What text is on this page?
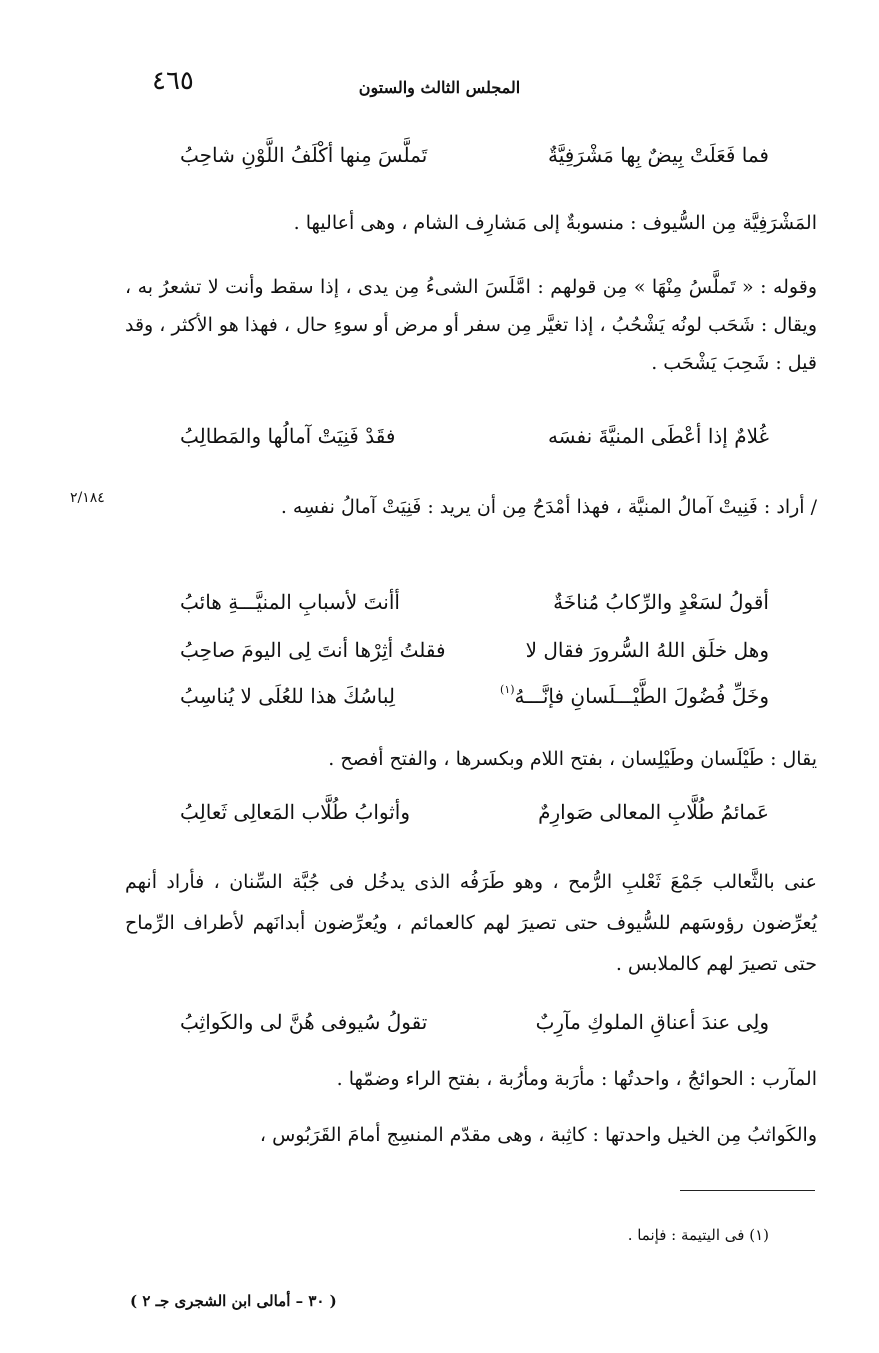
٤٦٥	المجلس الثالث والستون
فما فَعَلَتْ بِيضٌ بِها مَشْرَفِيَّةٌ
تَملَّسَ مِنها أكْلَفُ اللَّوْنِ شاحِبُ
المَشْرَفِيَّة مِن السُّيوف : منسوبةٌ إلى مَشارِف الشام ، وهى أعاليها .
وقوله : « تَملَّسُ مِنْهَا » مِن قولهم : امَّلَسَ الشىءُ مِن يدى ، إذا سقط وأنت لا تشعرُ به ، ويقال : شَحَب لونُه يَشْحُبُ ، إذا تغيَّر مِن سفر أو مرض أو سوءِ حال ، فهذا هو الأكثر ، وقد قيل : شَحِبَ يَشْحَب .
غُلامٌ إذا أعْطَى المنيَّةَ نفسَه
فقَدْ فَنِيَتْ آمالُها والمَطالِبُ
/ أراد : فَنِيتْ آمالُ المنيَّة ، فهذا أمْدَحُ مِن أن يريد : فَنِيَتْ آمالُ نفسِه .
٢/١٨٤
أقولُ لسَعْدٍ والرِّكابُ مُناخَةٌ
أأنتَ لأسبابِ المنيَّـــةِ هائبُ
وهل خلَق اللهُ السُّرورَ فقال لا
فقلتُ أثِرْها أنتَ لِى اليومَ صاحِبُ
وخَلِّ فُضُولَ الطَّيْـــلَسانِ فإنَّـــهُ$^{(١)}$
لِباسُكَ هذا للعُلَى لا يُناسِبُ
يقال : طَيْلَسان وطَيْلِسان ، بفتح اللام وبكسرها ، والفتح أفصح .
عَمائمُ طُلَّابِ المعالى صَوارِمٌ
وأثوابُ طُلَّاب المَعالِى ثَعالِبُ
عنى بالثَّعالب جَمْعَ ثَعْلبِ الرُّمح ، وهو طَرَفُه الذى يدخُل فى جُبَّة السِّنان ، فأراد أنهم يُعرِّضون رؤوسَهم للسُّيوف حتى تصيرَ لهم كالعمائم ، ويُعرِّضون أبدانَهم لأطراف الرِّماح حتى تصيرَ لهم كالملابس .
ولِى عندَ أعناقِ الملوكِ مآرِبٌ
تقولُ سُيوفى هُنَّ لى والكَواثِبُ
المآرب : الحوائجُ ، واحدتُها : مأرَبة ومأرُبة ، بفتح الراء وضمّها .
والكَواثبُ مِن الخيل واحدتها : كاثِبة ، وهى مقدّم المنسِج أمامَ القَرَبُوس ،
(١) فى اليتيمة : فإنما .
( ٣٠ – أمالى ابن الشجرى جـ ٢ )
